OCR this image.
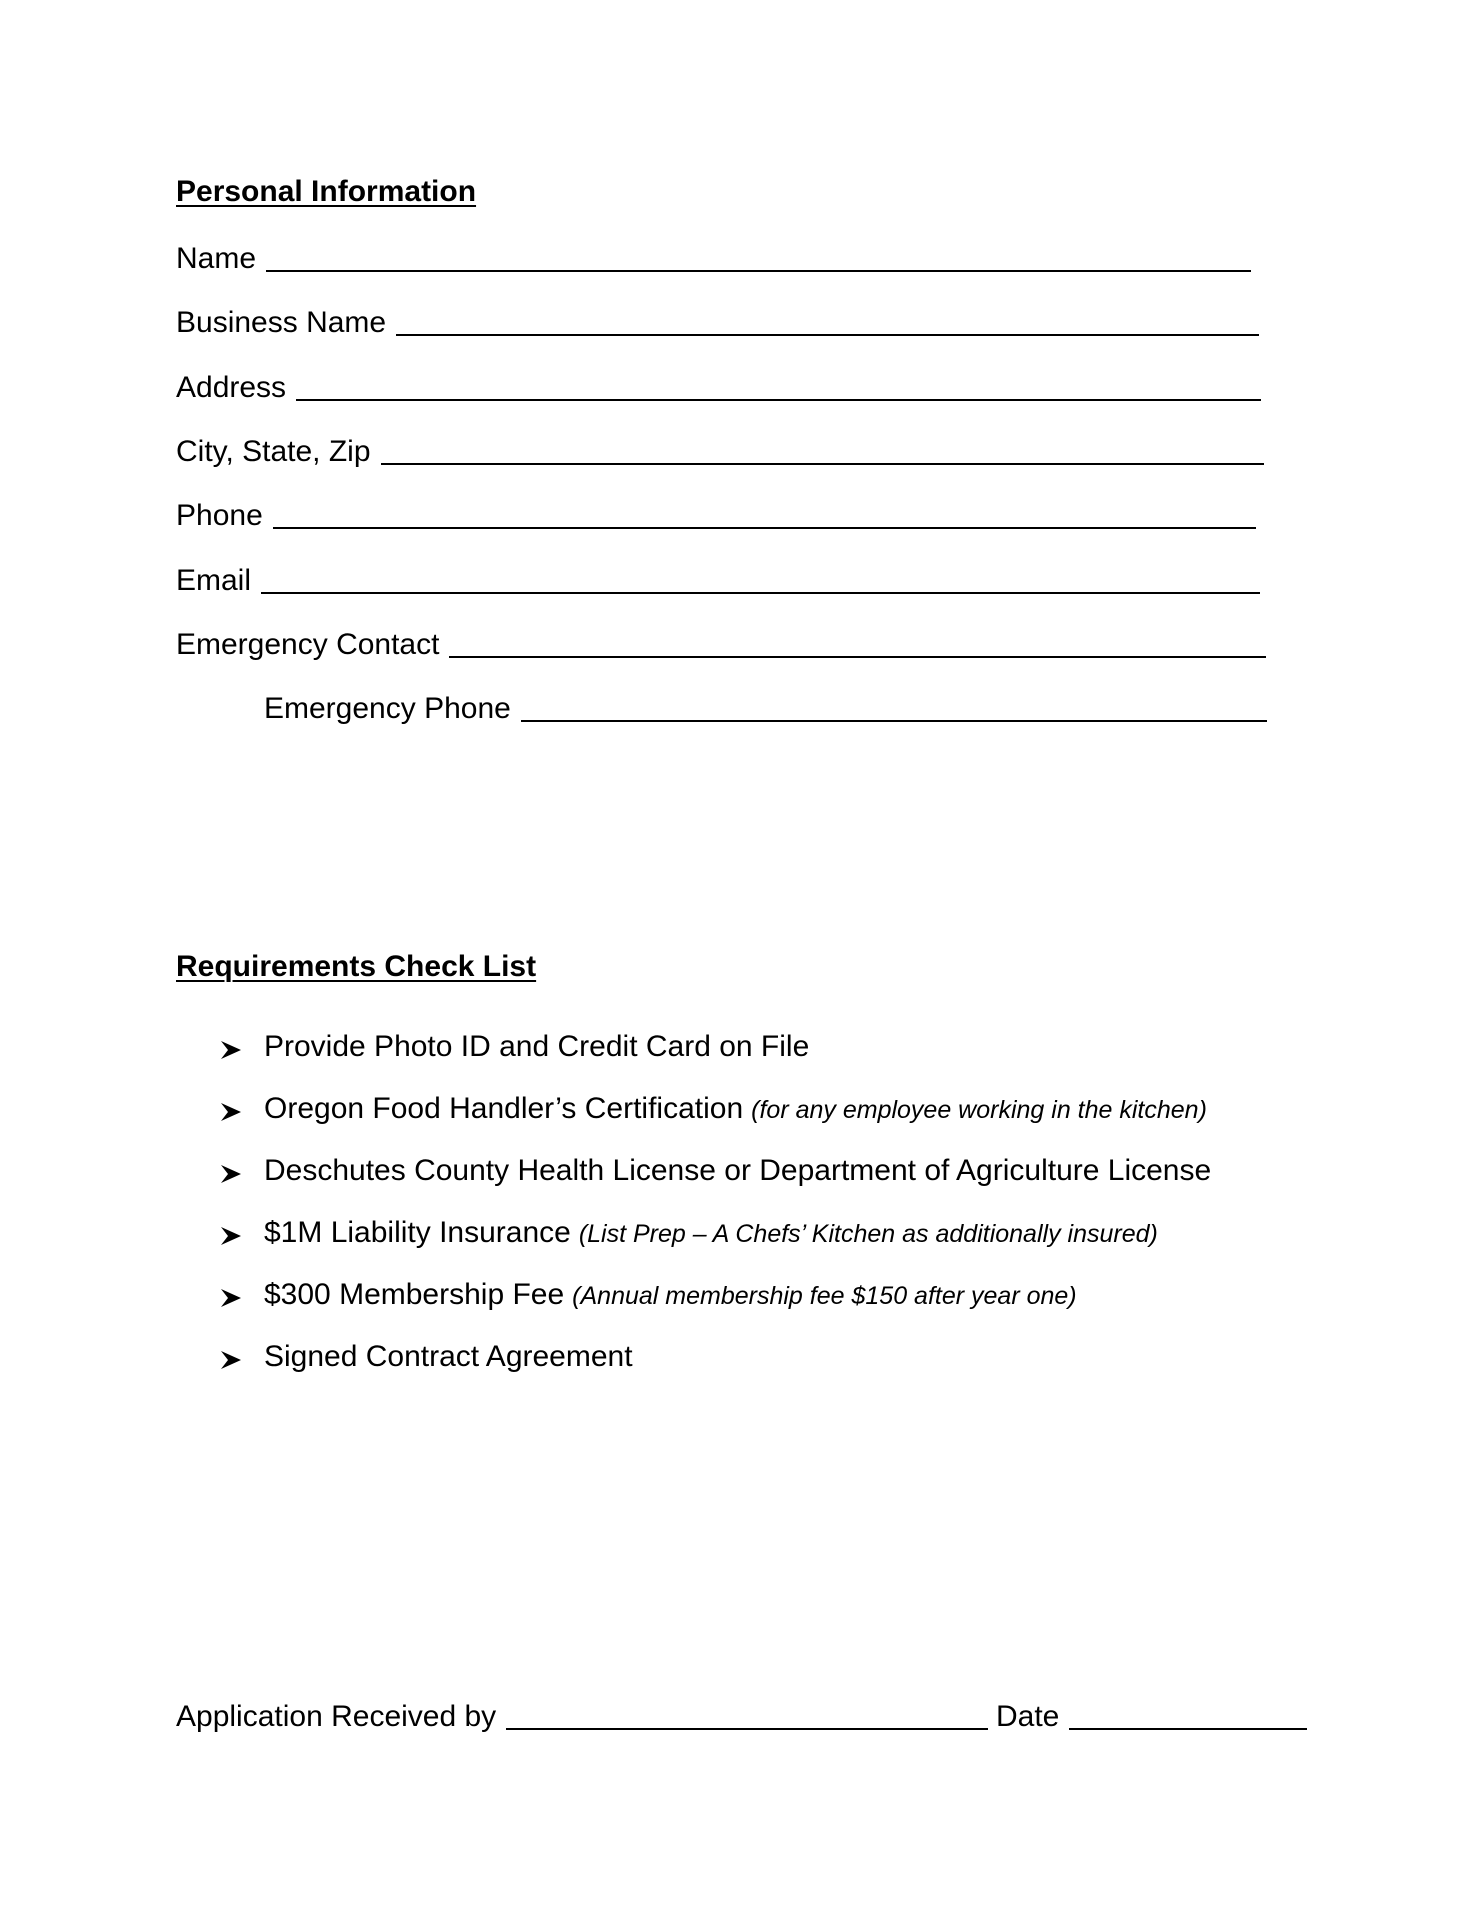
Personal Information
Name
Business Name
Address
City, State, Zip
Phone
Email
Emergency Contact
Emergency Phone
Requirements Check List
Provide Photo ID and Credit Card on File
Oregon Food Handler’s Certification (for any employee working in the kitchen)
Deschutes County Health License or Department of Agriculture License
$1M Liability Insurance (List Prep – A Chefs’ Kitchen as additionally insured)
$300 Membership Fee (Annual membership fee $150 after year one)
Signed Contract Agreement
Application Received by	Date
